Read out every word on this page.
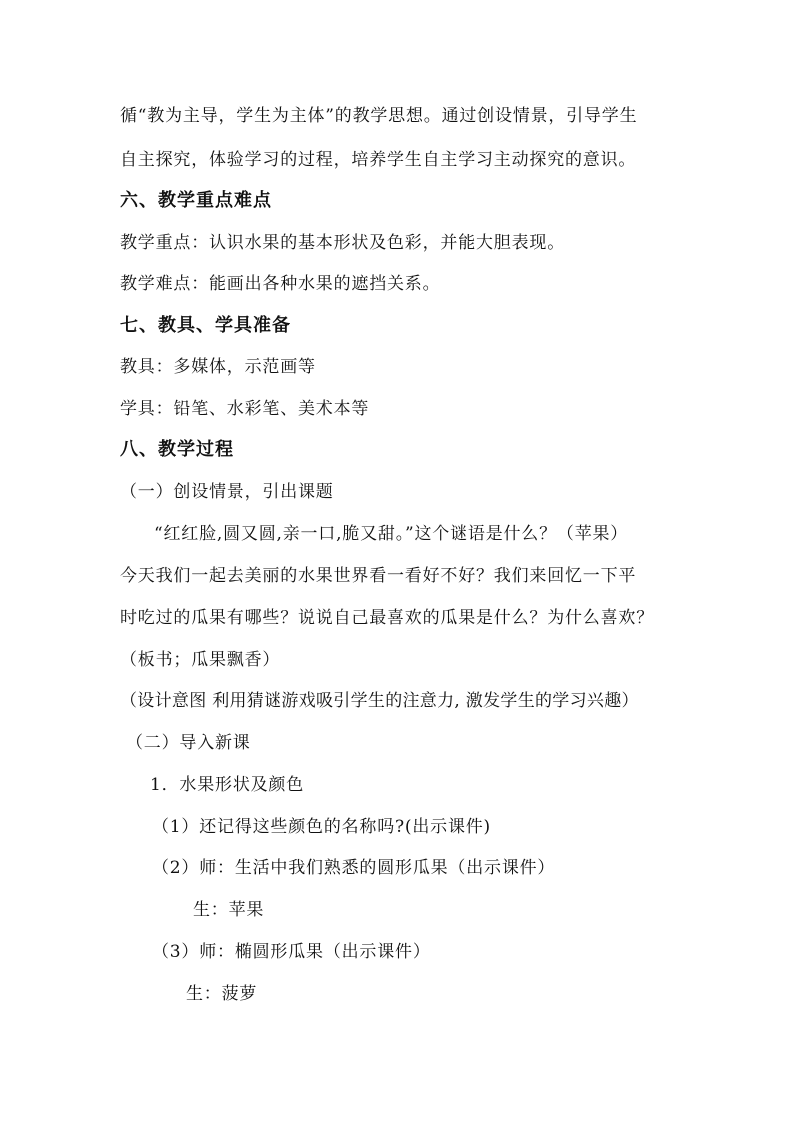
循“教为主导，学生为主体”的教学思想。通过创设情景，引导学生
自主探究，体验学习的过程，培养学生自主学习主动探究的意识。
六、教学重点难点
教学重点：认识水果的基本形状及色彩，并能大胆表现。
教学难点：能画出各种水果的遮挡关系。
七、教具、学具准备
教具：多媒体，示范画等
学具：铅笔、水彩笔、美术本等
八、教学过程
（一）创设情景，引出课题
“红红脸,圆又圆,亲一口,脆又甜。”这个谜语是什么？（苹果）
今天我们一起去美丽的水果世界看一看好不好？我们来回忆一下平
时吃过的瓜果有哪些？说说自己最喜欢的瓜果是什么？为什么喜欢？
（板书；瓜果飘香）
（设计意图 利用猜谜游戏吸引学生的注意力, 激发学生的学习兴趣）
（二）导入新课
1．水果形状及颜色
（1）还记得这些颜色的名称吗?(出示课件)
（2）师：生活中我们熟悉的圆形瓜果（出示课件）
生：苹果
（3）师：椭圆形瓜果（出示课件）
生：菠萝
